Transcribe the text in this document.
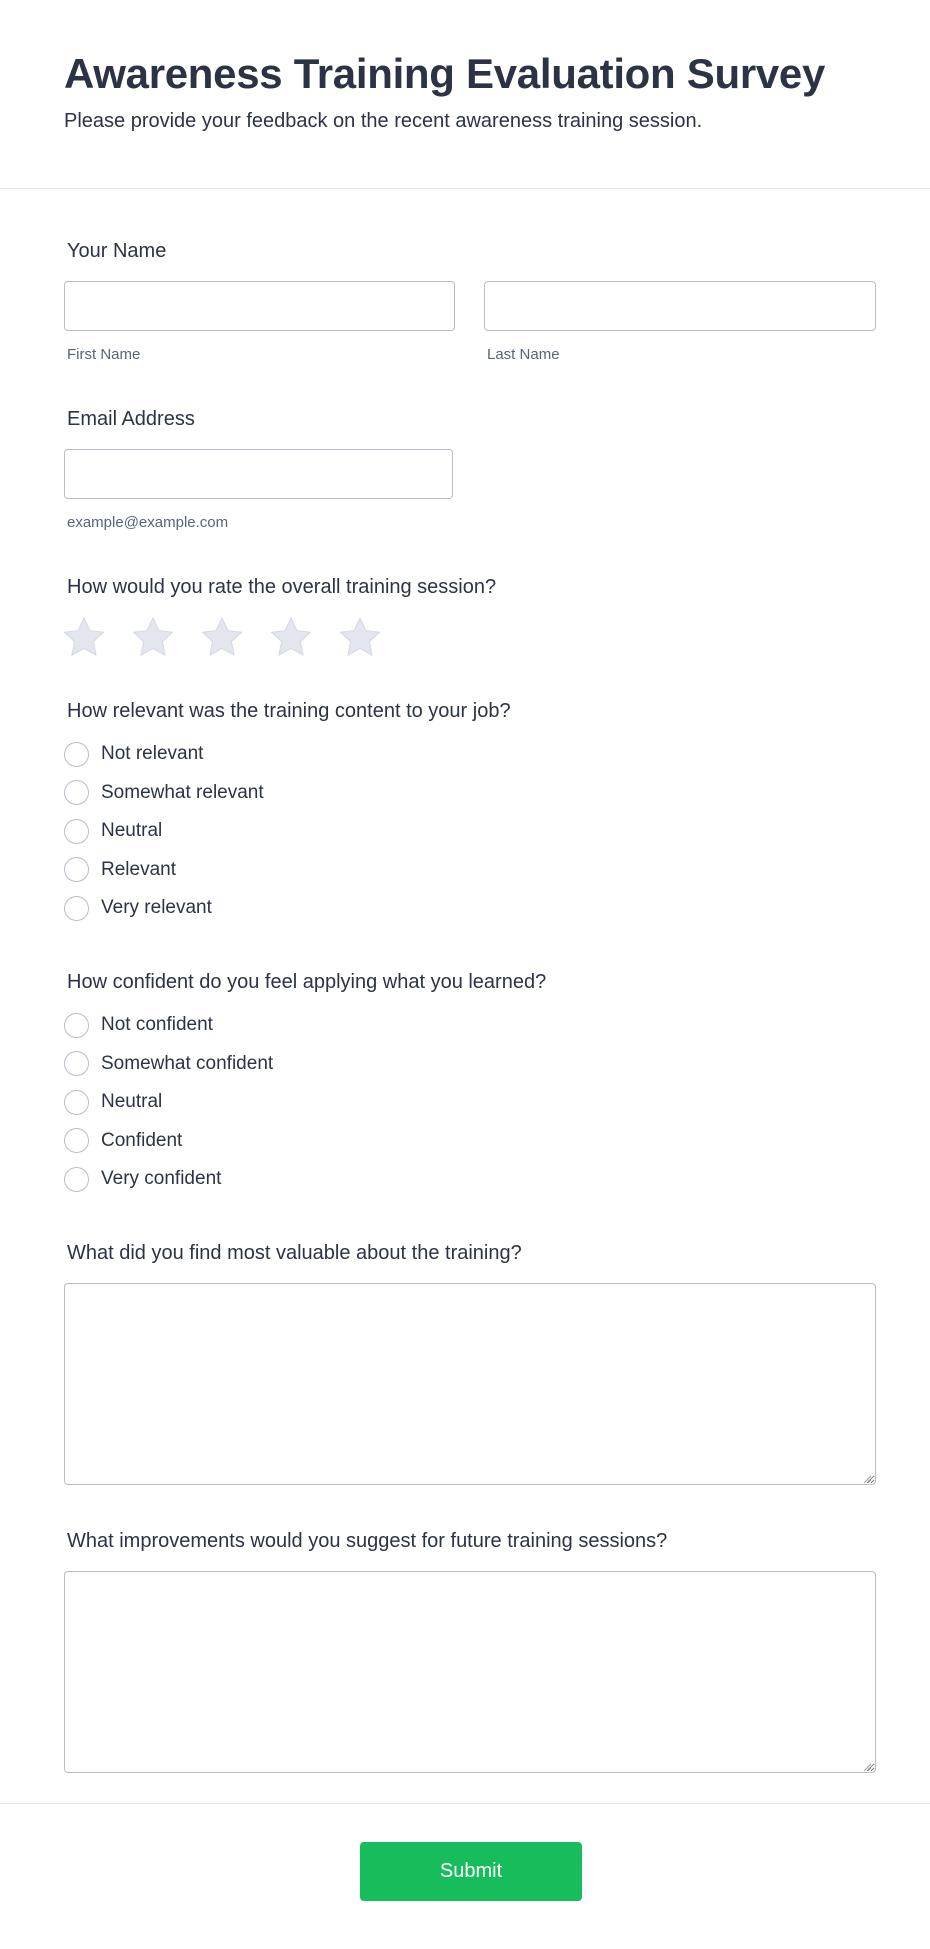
Awareness Training Evaluation Survey
Please provide your feedback on the recent awareness training session.
Your Name
First Name	Last Name
Email Address
example@example.com
How would you rate the overall training session?
How relevant was the training content to your job?
Not relevant
Somewhat relevant
Neutral
Relevant
Very relevant
How confident do you feel applying what you learned?
Not confident
Somewhat confident
Neutral
Confident
Very confident
What did you find most valuable about the training?
What improvements would you suggest for future training sessions?
Submit
